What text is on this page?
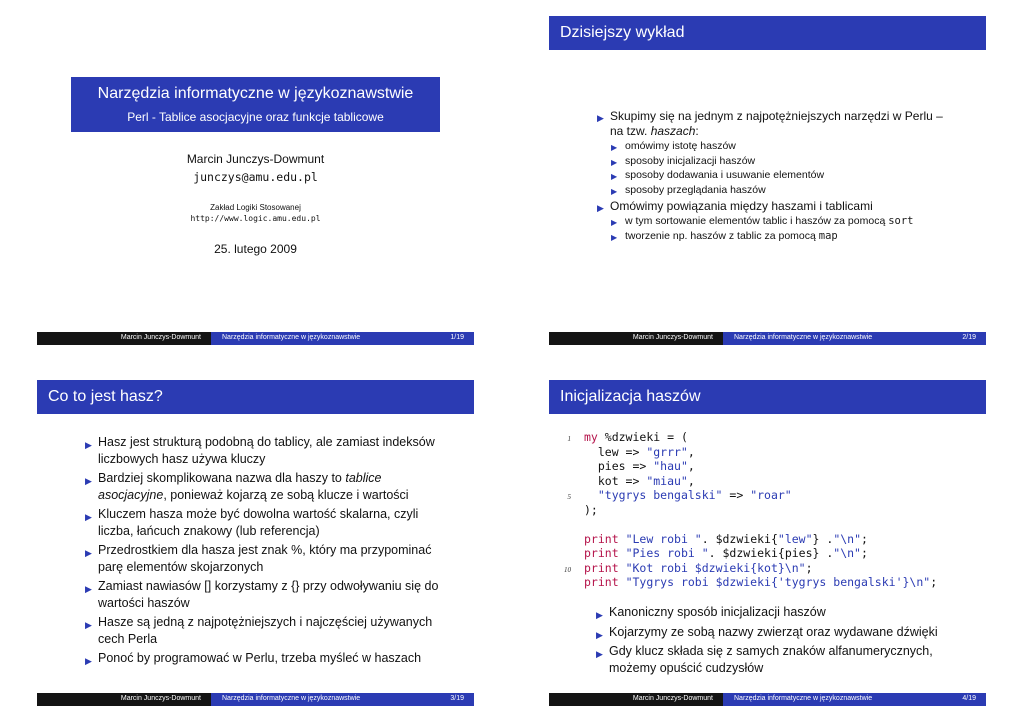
Narzędzia informatyczne w językoznawstwie
Perl - Tablice asocjacyjne oraz funkcje tablicowe
Marcin Junczys-Dowmunt
junczys@amu.edu.pl
Zakład Logiki Stosowanej
http://www.logic.amu.edu.pl
25. lutego 2009
Marcin Junczys-Dowmunt	Narzędzia informatyczne w językoznawstwie	1/19
Dzisiejszy wykład
▶ Skupimy się na jednym z najpotężniejszych narzędzi w Perlu –
na tzw. haszach:
▶ omówimy istotę haszów
▶ sposoby inicjalizacji haszów
▶ sposoby dodawania i usuwanie elementów
▶ sposoby przeglądania haszów
▶ Omówimy powiązania między haszami i tablicami
▶ w tym sortowanie elementów tablic i haszów za pomocą sort
▶ tworzenie np. haszów z tablic za pomocą map
Marcin Junczys-Dowmunt	Narzędzia informatyczne w językoznawstwie	2/19
Co to jest hasz?
▶ Hasz jest strukturą podobną do tablicy, ale zamiast indeksów
liczbowych hasz używa kluczy
▶ Bardziej skomplikowana nazwa dla haszy to tablice
asocjacyjne, ponieważ kojarzą ze sobą klucze i wartości
▶ Kluczem hasza może być dowolna wartość skalarna, czyli
liczba, łańcuch znakowy (lub referencja)
▶ Przedrostkiem dla hasza jest znak %, który ma przypominać
parę elementów skojarzonych
▶ Zamiast nawiasów [] korzystamy z {} przy odwoływaniu się do
wartości haszów
▶ Hasze są jedną z najpotężniejszych i najczęściej używanych
cech Perla
▶ Ponoć by programować w Perlu, trzeba myśleć w haszach
Marcin Junczys-Dowmunt	Narzędzia informatyczne w językoznawstwie	3/19
Inicjalizacja haszów
1 my %dzwieki = (
lew => "grrr",
pies => "hau",
kot => "miau",
5	"tygrys bengalski" => "roar"
);
print "Lew robi ". $dzwieki{"lew"} ."\n";
print "Pies robi ". $dzwieki{pies} ."\n";
10 print "Kot robi $dzwieki{kot}\n";
print "Tygrys robi $dzwieki{'tygrys bengalski'}\n";
▶ Kanoniczny sposób inicjalizacji haszów
▶ Kojarzymy ze sobą nazwy zwierząt oraz wydawane dźwięki
▶ Gdy klucz składa się z samych znaków alfanumerycznych,
możemy opuścić cudzysłów
Marcin Junczys-Dowmunt	Narzędzia informatyczne w językoznawstwie	4/19
